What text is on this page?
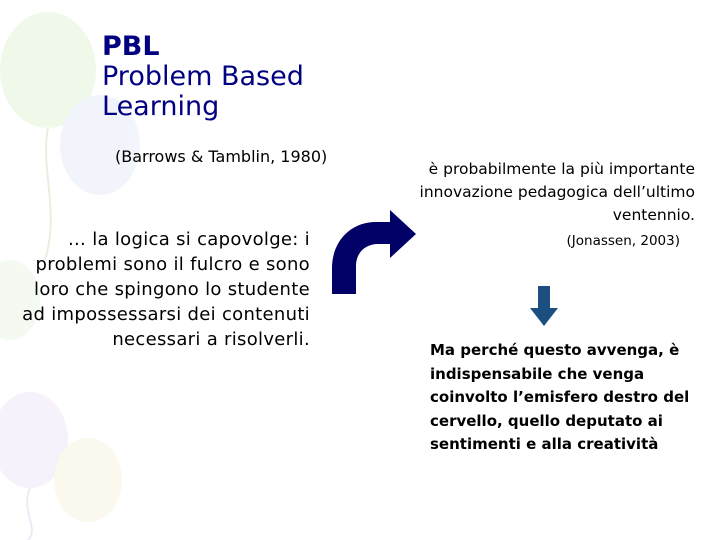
PBL
Problem Based
Learning
(Barrows & Tamblin, 1980)
… la logica si capovolge: i problemi sono il fulcro e sono loro che spingono lo studente ad impossessarsi dei contenuti necessari a risolverli.
è probabilmente la più importante innovazione pedagogica dell’ultimo ventennio.
(Jonassen, 2003)
Ma perché questo avvenga, è indispensabile che venga coinvolto l’emisfero destro del cervello, quello deputato ai sentimenti e alla creatività
